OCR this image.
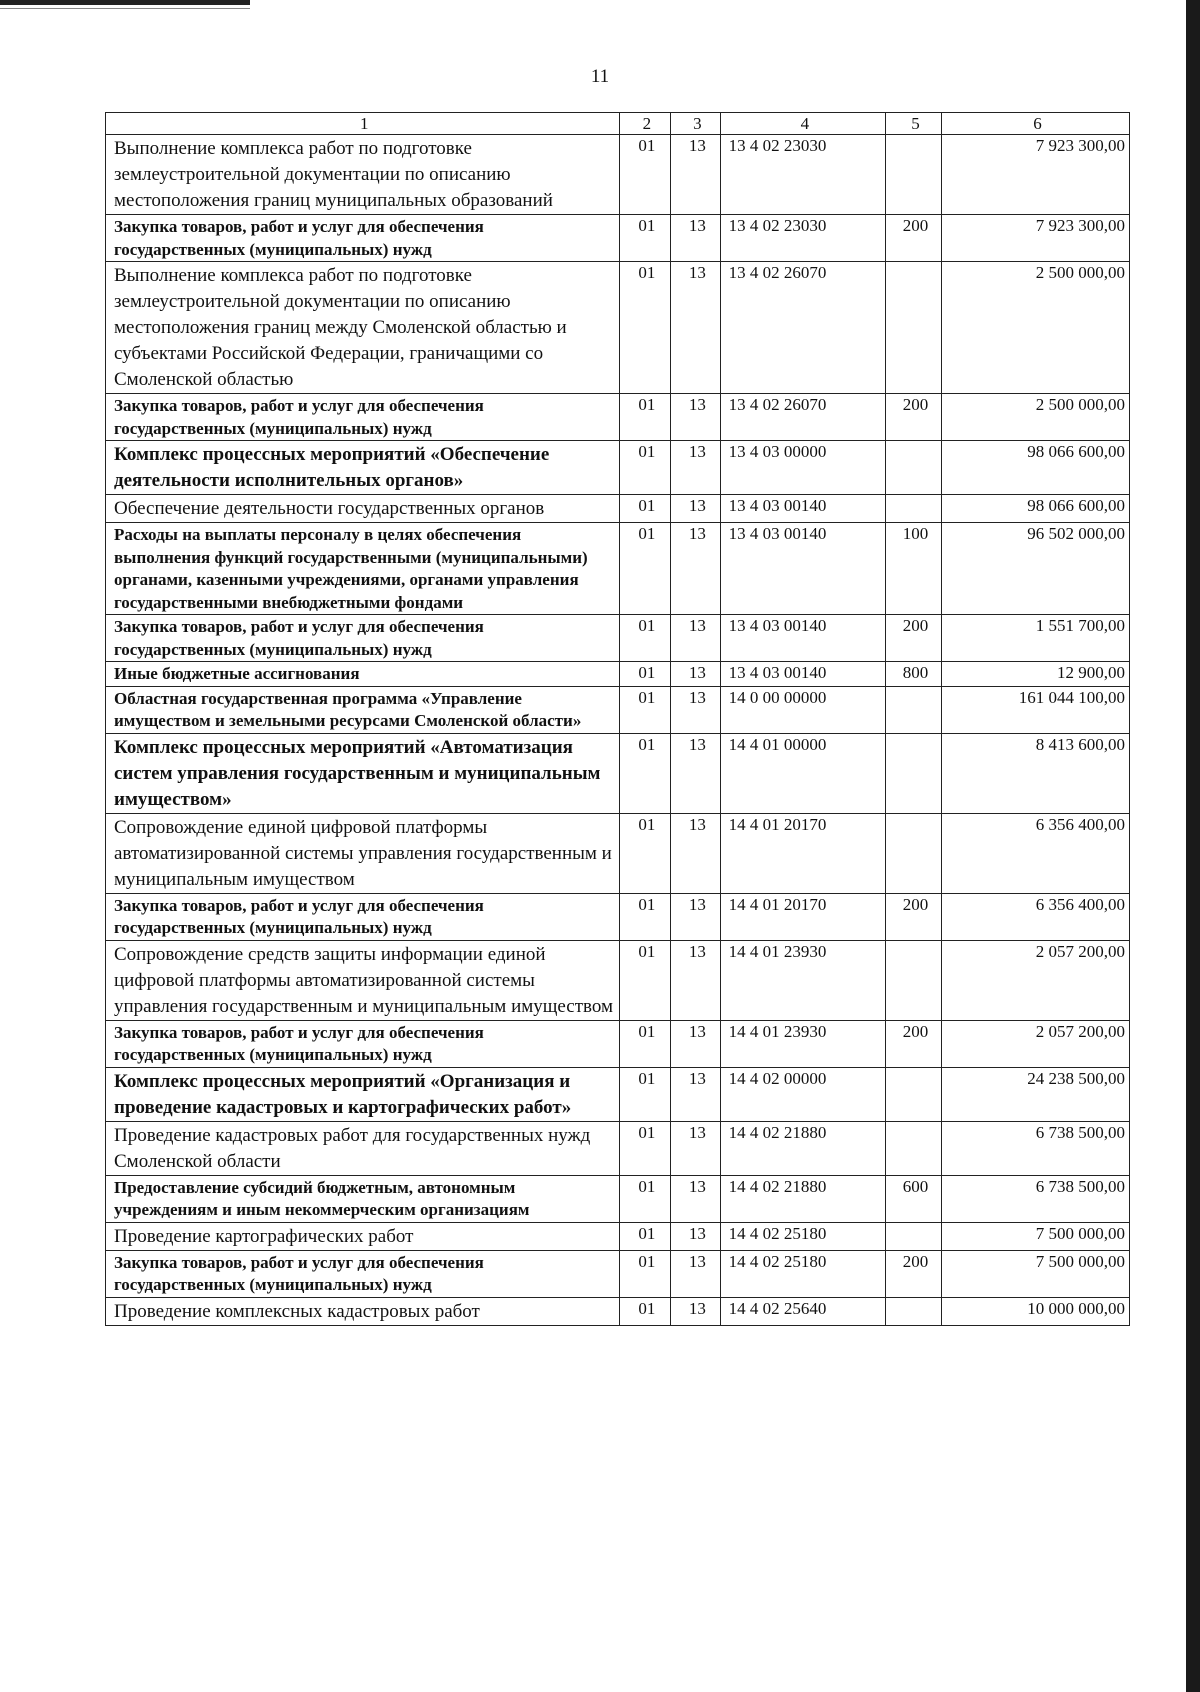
11
1	2	3	4	5	6
Выполнение комплекса работ по подготовке землеустроительной документации по описанию местоположения границ муниципальных образований	01	13	13 4 02 23030		7 923 300,00
Закупка товаров, работ и услуг для обеспечения государственных (муниципальных) нужд	01	13	13 4 02 23030	200	7 923 300,00
Выполнение комплекса работ по подготовке землеустроительной документации по описанию местоположения границ между Смоленской областью и субъектами Российской Федерации, граничащими со Смоленской областью	01	13	13 4 02 26070		2 500 000,00
Закупка товаров, работ и услуг для обеспечения государственных (муниципальных) нужд	01	13	13 4 02 26070	200	2 500 000,00
Комплекс процессных мероприятий «Обеспечение деятельности исполнительных органов»	01	13	13 4 03 00000		98 066 600,00
Обеспечение деятельности государственных органов	01	13	13 4 03 00140		98 066 600,00
Расходы на выплаты персоналу в целях обеспечения выполнения функций государственными (муниципальными) органами, казенными учреждениями, органами управления государственными внебюджетными фондами	01	13	13 4 03 00140	100	96 502 000,00
Закупка товаров, работ и услуг для обеспечения государственных (муниципальных) нужд	01	13	13 4 03 00140	200	1 551 700,00
Иные бюджетные ассигнования	01	13	13 4 03 00140	800	12 900,00
Областная государственная программа «Управление имуществом и земельными ресурсами Смоленской области»	01	13	14 0 00 00000		161 044 100,00
Комплекс процессных мероприятий «Автоматизация систем управления государственным и муниципальным имуществом»	01	13	14 4 01 00000		8 413 600,00
Сопровождение единой цифровой платформы автоматизированной системы управления государственным и муниципальным имуществом	01	13	14 4 01 20170		6 356 400,00
Закупка товаров, работ и услуг для обеспечения государственных (муниципальных) нужд	01	13	14 4 01 20170	200	6 356 400,00
Сопровождение средств защиты информации единой цифровой платформы автоматизированной системы управления государственным и муниципальным имуществом	01	13	14 4 01 23930		2 057 200,00
Закупка товаров, работ и услуг для обеспечения государственных (муниципальных) нужд	01	13	14 4 01 23930	200	2 057 200,00
Комплекс процессных мероприятий «Организация и проведение кадастровых и картографических работ»	01	13	14 4 02 00000		24 238 500,00
Проведение кадастровых работ для государственных нужд Смоленской области	01	13	14 4 02 21880		6 738 500,00
Предоставление субсидий бюджетным, автономным учреждениям и иным некоммерческим организациям	01	13	14 4 02 21880	600	6 738 500,00
Проведение картографических работ	01	13	14 4 02 25180		7 500 000,00
Закупка товаров, работ и услуг для обеспечения государственных (муниципальных) нужд	01	13	14 4 02 25180	200	7 500 000,00
Проведение комплексных кадастровых работ	01	13	14 4 02 25640		10 000 000,00
